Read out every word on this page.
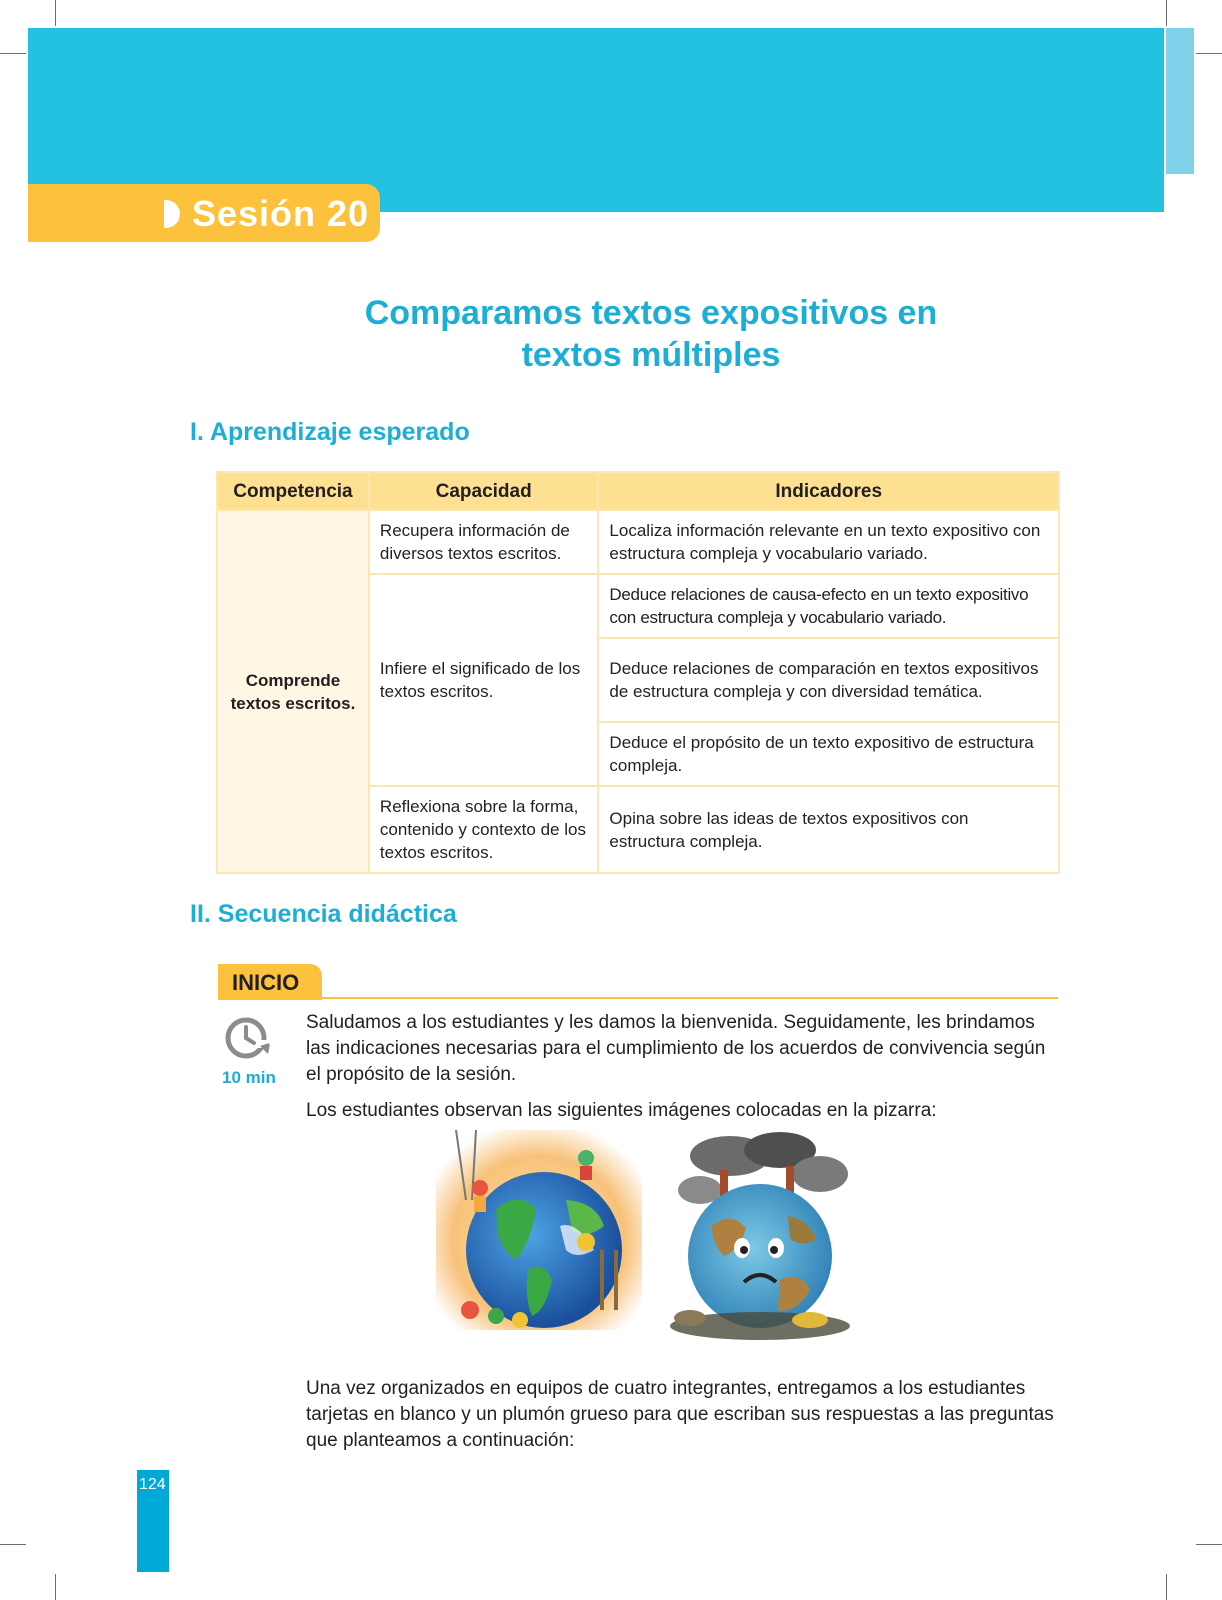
Sesión 20
Comparamos textos expositivos en
textos múltiples
I. Aprendizaje esperado
Competencia	Capacidad	Indicadores
Comprende textos escritos.	Recupera información de diversos textos escritos.	Localiza información relevante en un texto expositivo con estructura compleja y vocabulario variado.
	Infiere el significado de los textos escritos.	Deduce relaciones de causa-efecto en un texto expositivo con estructura compleja y vocabulario variado.
		Deduce relaciones de comparación en textos expositivos de estructura compleja y con diversidad temática.
		Deduce el propósito de un texto expositivo de estructura compleja.
	Reflexiona sobre la forma, contenido y contexto de los textos escritos.	Opina sobre las ideas de textos expositivos con estructura compleja.
II. Secuencia didáctica
INICIO
10 min

Saludamos a los estudiantes y les damos la bienvenida. Seguidamente, les brindamos las indicaciones necesarias para el cumplimiento de los acuerdos de convivencia según el propósito de la sesión.

Los estudiantes observan las siguientes imágenes colocadas en la pizarra:

Una vez organizados en equipos de cuatro integrantes, entregamos a los estudiantes tarjetas en blanco y un plumón grueso para que escriban sus respuestas a las preguntas que planteamos a continuación:

124
